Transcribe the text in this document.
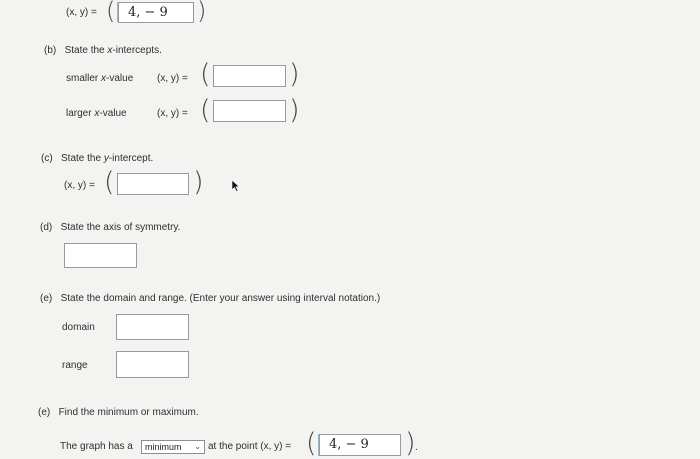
(x, y) = ( 4, − 9	)
(b) State the x-intercepts.
smaller x-value (x, y) = (	)
larger x-value	(x, y) = (	)
(c) State the y-intercept.
(x, y) = (	)
(d) State the axis of symmetry.
(e) State the domain and range. (Enter your answer using interval notation.)
domain
range
(e) Find the minimum or maximum.
The graph has a	minimum ⌄ at the point (x, y) = ( 4, − 9	) .
